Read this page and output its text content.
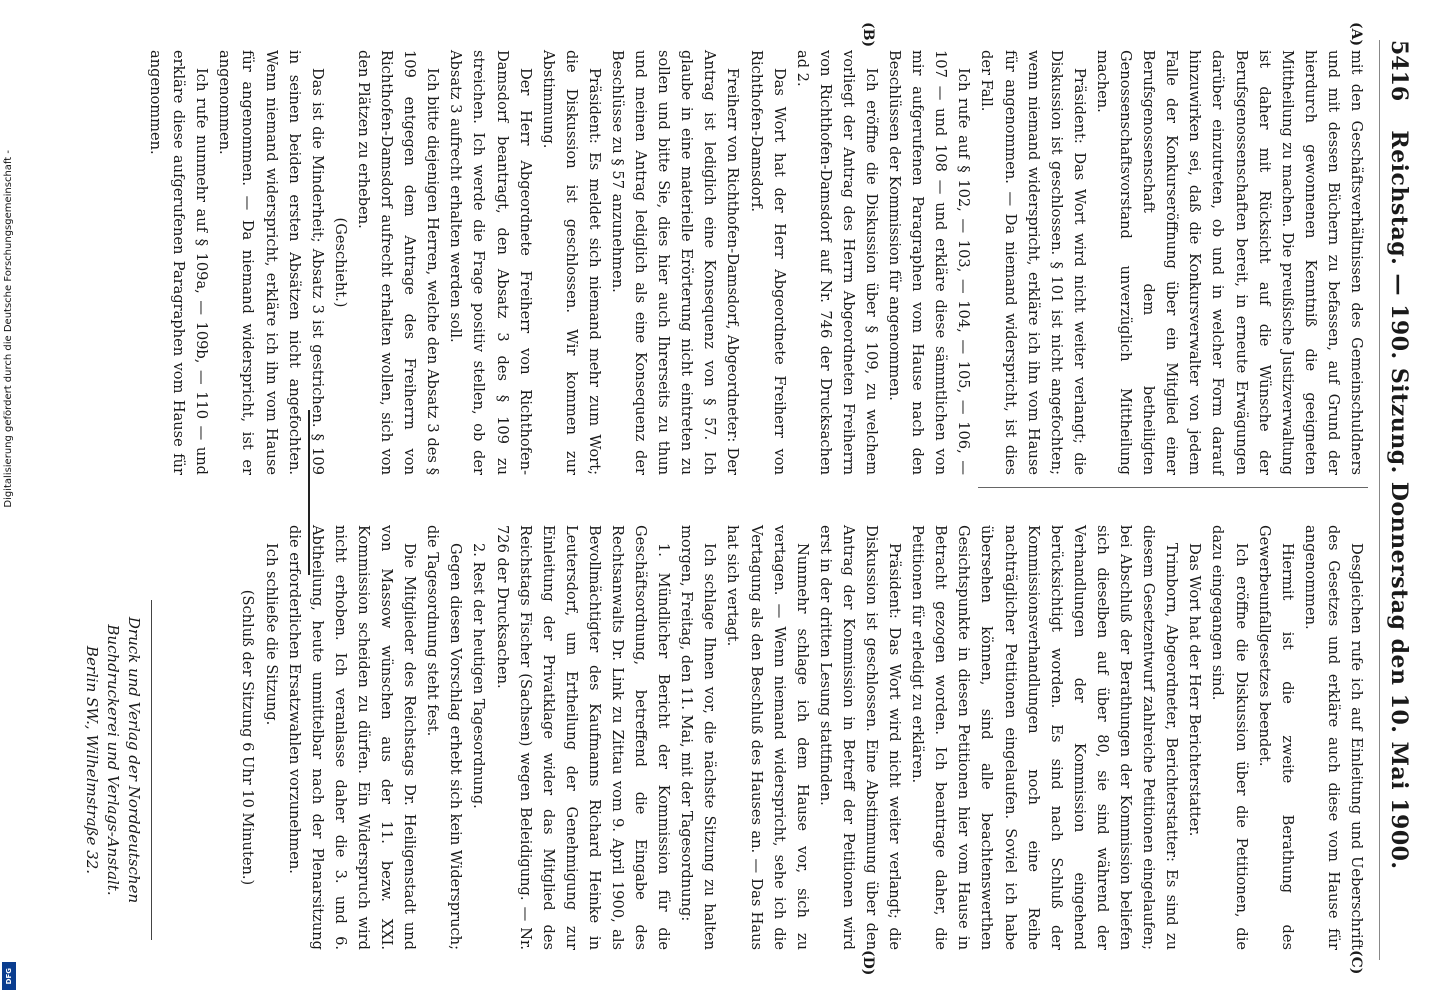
5416
Reichstag. — 190. Sitzung. Donnerstag den 10. Mai 1900.
(A)
(B)
(C)
(D)

mit den Geschäftsverhältnissen des Gemeinschuldners und mit dessen Büchern zu befassen, auf Grund der hierdurch gewonnenen Kenntniß die geeigneten Mittheilung zu machen. Die preußische Justizverwaltung ist daher mit Rücksicht auf die Wünsche der Berufsgenossenschaften bereit, in erneute Erwägungen darüber einzutreten, ob und in welcher Form darauf hinzuwirken sei, daß die Konkursverwalter von jedem Falle der Konkurseröffnung über ein Mitglied einer Berufsgenossenschaft dem betheiligten Genossenschaftsvorstand unverzüglich Mittheilung machen.

Präsident: Das Wort wird nicht weiter verlangt; die Diskussion ist geschlossen. § 101 ist nicht angefochten; wenn niemand widerspricht, erkläre ich ihn vom Hause für angenommen. — Da niemand widerspricht, ist dies der Fall.

Ich rufe auf § 102, — 103, — 104, — 105, — 106, — 107 — und 108 — und erkläre diese sämmtlichen von mir aufgerufenen Paragraphen vom Hause nach den Beschlüssen der Kommission für angenommen.

Ich eröffne die Diskussion über § 109, zu welchem vorliegt der Antrag des Herrn Abgeordneten Freiherrn von Richthofen-Damsdorf auf Nr. 746 der Drucksachen ad 2.

Das Wort hat der Herr Abgeordnete Freiherr von Richthofen-Damsdorf.

Freiherr von Richthofen-Damsdorf, Abgeordneter: Der Antrag ist lediglich eine Konsequenz von § 57. Ich glaube in eine materielle Erörterung nicht eintreten zu sollen und bitte Sie, dies hier auch Ihrerseits zu thun und meinen Antrag lediglich als eine Konsequenz der Beschlüsse zu § 57 anzunehmen.

Präsident: Es meldet sich niemand mehr zum Wort; die Diskussion ist geschlossen. Wir kommen zur Abstimmung.

Der Herr Abgeordnete Freiherr von Richthofen-Damsdorf beantragt, den Absatz 3 des § 109 zu streichen. Ich werde die Frage positiv stellen, ob der Absatz 3 aufrecht erhalten werden soll.

Ich bitte diejenigen Herren, welche den Absatz 3 des § 109 entgegen dem Antrage des Freiherrn von Richthofen-Damsdorf aufrecht erhalten wollen, sich von den Plätzen zu erheben.

(Geschieht.)

Das ist die Minderheit; Absatz 3 ist gestrichen. § 109 in seinen beiden ersten Absätzen nicht angefochten. Wenn niemand widerspricht, erkläre ich ihn vom Hause für angenommen. — Da niemand widerspricht, ist er angenommen.

Ich rufe nunmehr auf § 109a, — 109b, — 110 — und erkläre diese aufgerufenen Paragraphen vom Hause für angenommen.

Desgleichen rufe ich auf Einleitung und Ueberschrift des Gesetzes und erkläre auch diese vom Hause für angenommen.

Hiermit ist die zweite Berathung des Gewerbeunfallgesetzes beendet.

Ich eröffne die Diskussion über die Petitionen, die dazu eingegangen sind.

Das Wort hat der Herr Berichterstatter.

Trimborn, Abgeordneter, Berichterstatter: Es sind zu diesem Gesetzentwurf zahlreiche Petitionen eingelaufen; bei Abschluß der Berathungen der Kommission beliefen sich dieselben auf über 80, sie sind während der Verhandlungen der Kommission eingehend berücksichtigt worden. Es sind nach Schluß der Kommissionsverhandlungen noch eine Reihe nachträglicher Petitionen eingelaufen. Soviel ich habe übersehen können, sind alle beachtenswerthen Gesichtspunkte in diesen Petitionen hier vom Hause in Betracht gezogen worden. Ich beantrage daher, die Petitionen für erledigt zu erklären.

Präsident: Das Wort wird nicht weiter verlangt; die Diskussion ist geschlossen. Eine Abstimmung über den Antrag der Kommission in Betreff der Petitionen wird erst in der dritten Lesung stattfinden.

Nunmehr schlage ich dem Hause vor, sich zu vertagen. — Wenn niemand widerspricht, sehe ich die Vertagung als den Beschluß des Hauses an. — Das Haus hat sich vertagt.

Ich schlage Ihnen vor, die nächste Sitzung zu halten morgen, Freitag, den 11. Mai, mit der Tagesordnung:

1. Mündlicher Bericht der Kommission für die Geschäftsordnung, betreffend die Eingabe des Rechtsanwalts Dr. Link zu Zittau vom 9. April 1900, als Bevollmächtigter des Kaufmanns Richard Heinke in Leutersdorf, um Ertheilung der Genehmigung zur Einleitung der Privatklage wider das Mitglied des Reichstags Fischer (Sachsen) wegen Beleidigung. — Nr. 726 der Drucksachen.

2. Rest der heutigen Tagesordnung.

Gegen diesen Vorschlag erhebt sich kein Widerspruch; die Tagesordnung steht fest.

Die Mitglieder des Reichstags Dr. Heiligenstadt und von Massow wünschen aus der 11. bezw. XXI. Kommission scheiden zu dürfen. Ein Widerspruch wird nicht erhoben. Ich veranlasse daher die 3. und 6. Abtheilung, heute unmittelbar nach der Plenarsitzung die erforderlichen Ersatzwahlen vorzunehmen.

Ich schließe die Sitzung.

(Schluß der Sitzung 6 Uhr 10 Minuten.)

Druck und Verlag der Norddeutschen Buchdruckerei und Verlags-Anstalt.
Berlin SW., Wilhelmstraße 32.
Digitalisierung gefördert durch die Deutsche Forschungsgemeinschaft -
DFG
